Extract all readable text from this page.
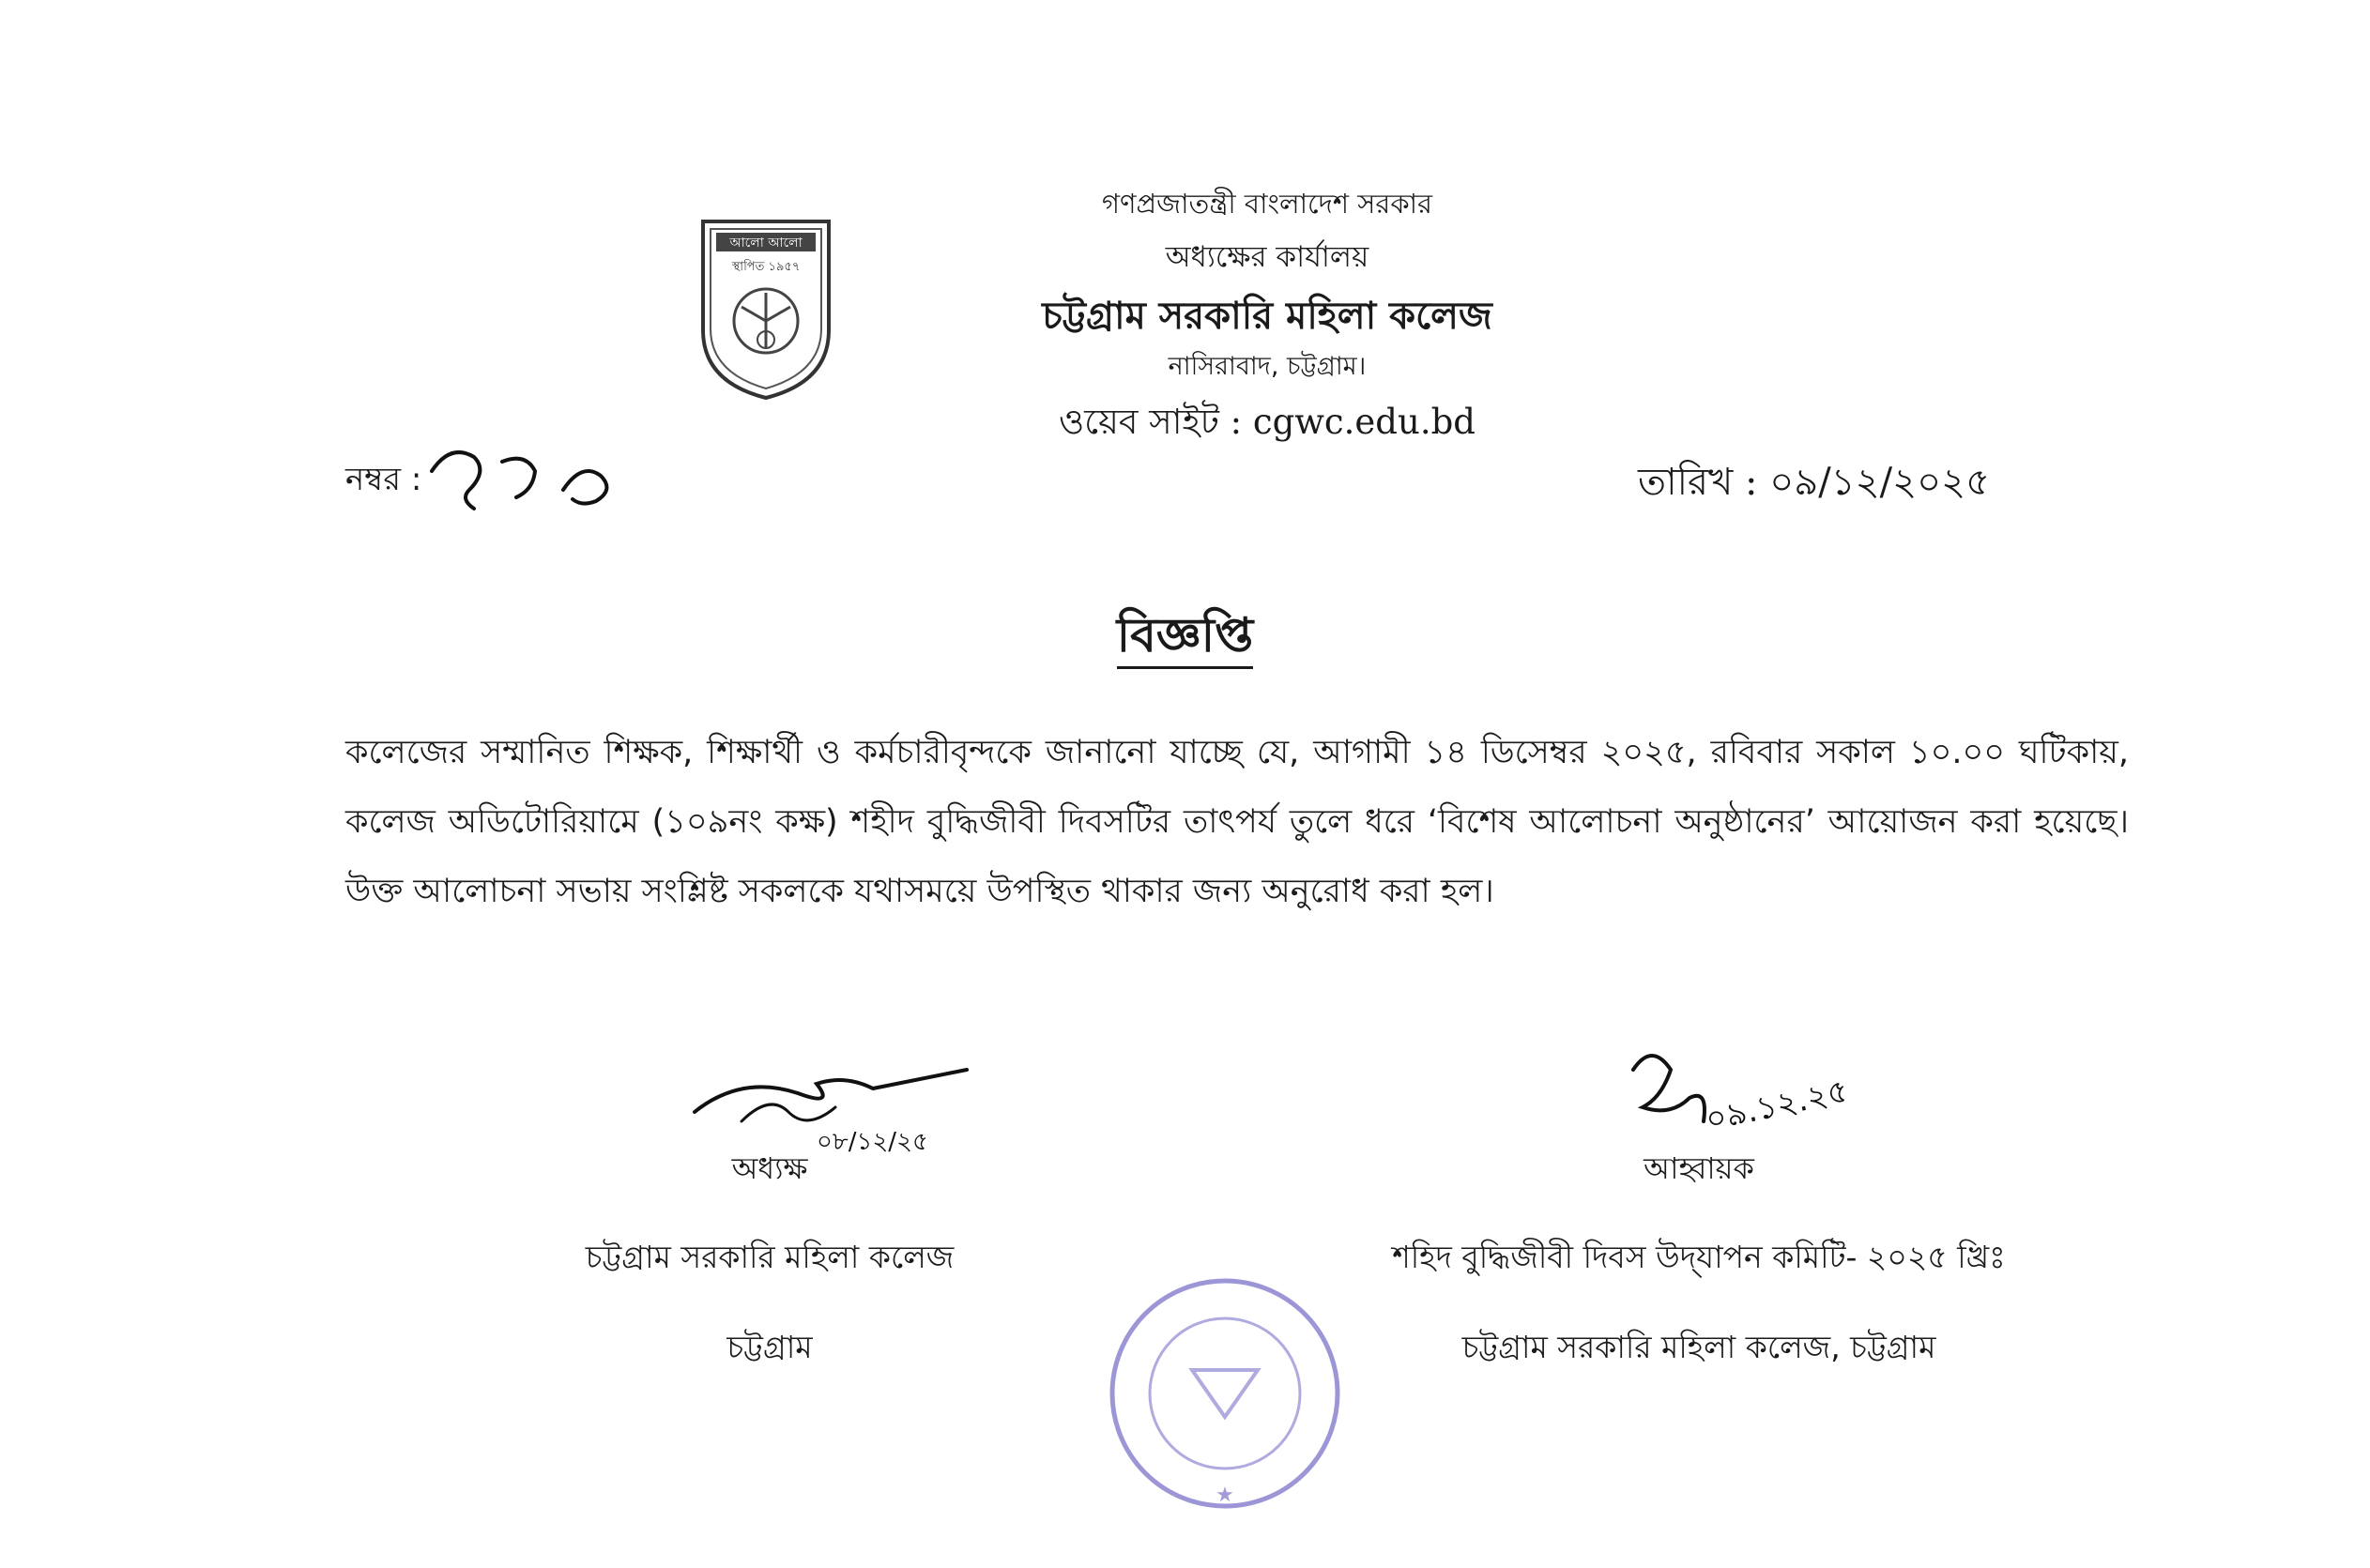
আলো আলো
স্থাপিত ১৯৫৭
গণপ্রজাতন্ত্রী বাংলাদেশ সরকার
অধ্যক্ষের কার্যালয়
চট্টগ্রাম সরকারি মহিলা কলেজ
নাসিরাবাদ, চট্টগ্রাম।
ওয়েব সাইট : cgwc.edu.bd
নম্বর :	তারিখ : ০৯/১২/২০২৫
বিজ্ঞপ্তি
কলেজের সম্মানিত শিক্ষক, শিক্ষার্থী ও কর্মচারীবৃন্দকে জানানো যাচ্ছে যে, আগামী ১৪ ডিসেম্বর ২০২৫, রবিবার সকাল ১০.০০ ঘটিকায়, কলেজ অডিটোরিয়ামে (১০৯নং কক্ষ) শহীদ বুদ্ধিজীবী দিবসটির তাৎপর্য তুলে ধরে ‘বিশেষ আলোচনা অনুষ্ঠানের’ আয়োজন করা হয়েছে। উক্ত আলোচনা সভায় সংশ্লিষ্ট সকলকে যথাসময়ে উপস্থিত থাকার জন্য অনুরোধ করা হল।
০৮/১২/২৫
অধ্যক্ষ
চট্টগ্রাম সরকারি মহিলা কলেজ
চট্টগ্রাম
০৯.১২.২৫
আহ্বায়ক
শহিদ বুদ্ধিজীবী দিবস উদ্‌যাপন কমিটি- ২০২৫ খ্রিঃ
চট্টগ্রাম সরকারি মহিলা কলেজ, চট্টগ্রাম
★
